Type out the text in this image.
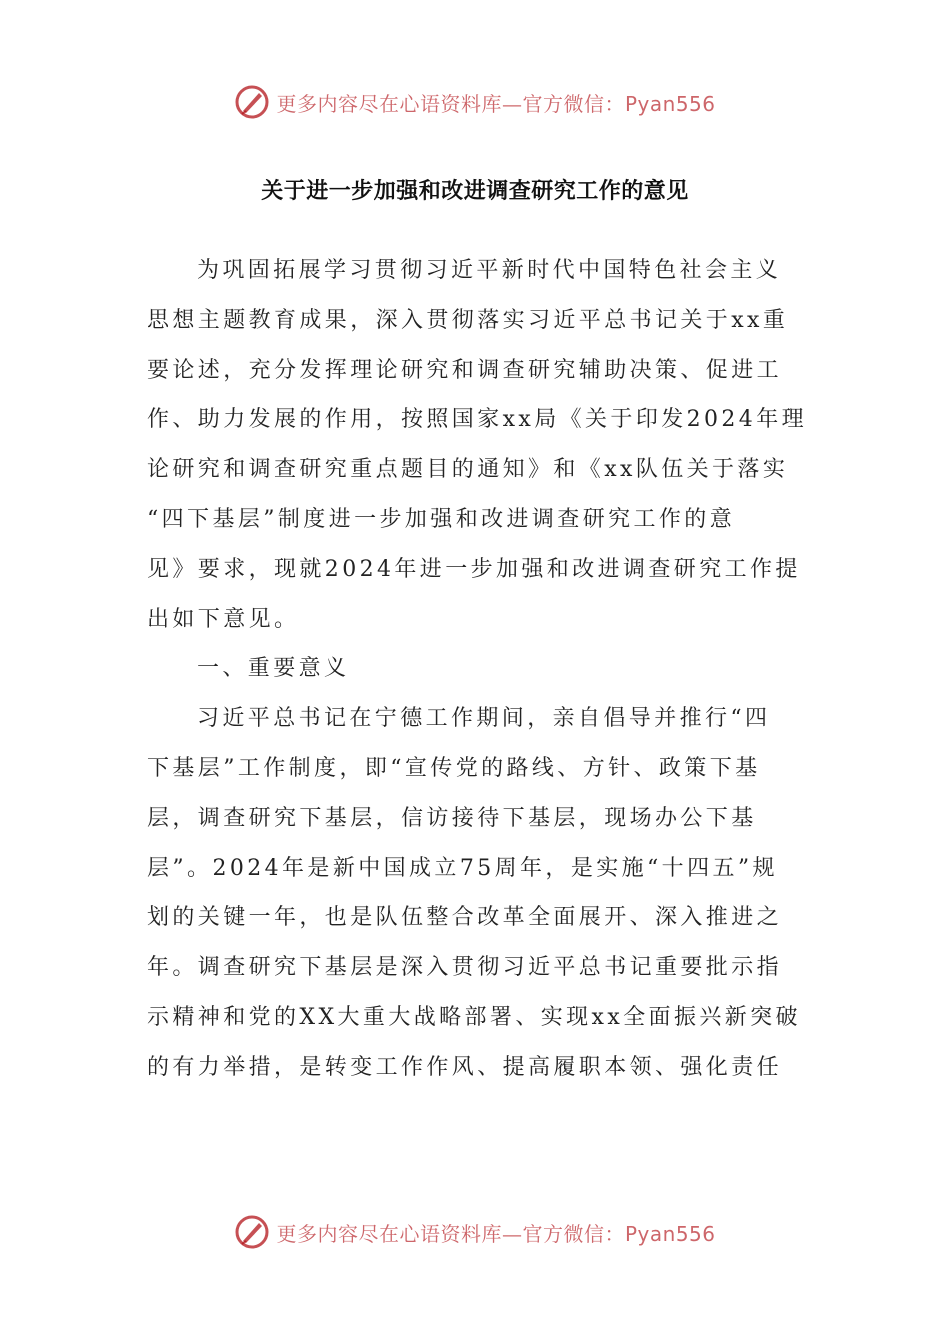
更多内容尽在心语资料库—官方微信：Pyan556
关于进一步加强和改进调查研究工作的意见
为巩固拓展学习贯彻习近平新时代中国特色社会主义
思想主题教育成果，深入贯彻落实习近平总书记关于xx重
要论述，充分发挥理论研究和调查研究辅助决策、促进工
作、助力发展的作用，按照国家xx局《关于印发2024年理
论研究和调查研究重点题目的通知》和《xx队伍关于落实
“四下基层”制度进一步加强和改进调查研究工作的意
见》要求，现就2024年进一步加强和改进调查研究工作提
出如下意见。
一、重要意义
习近平总书记在宁德工作期间，亲自倡导并推行“四
下基层”工作制度，即“宣传党的路线、方针、政策下基
层，调查研究下基层，信访接待下基层，现场办公下基
层”。2024年是新中国成立75周年，是实施“十四五”规
划的关键一年，也是队伍整合改革全面展开、深入推进之
年。调查研究下基层是深入贯彻习近平总书记重要批示指
示精神和党的XX大重大战略部署、实现xx全面振兴新突破
的有力举措，是转变工作作风、提高履职本领、强化责任
更多内容尽在心语资料库—官方微信：Pyan556
